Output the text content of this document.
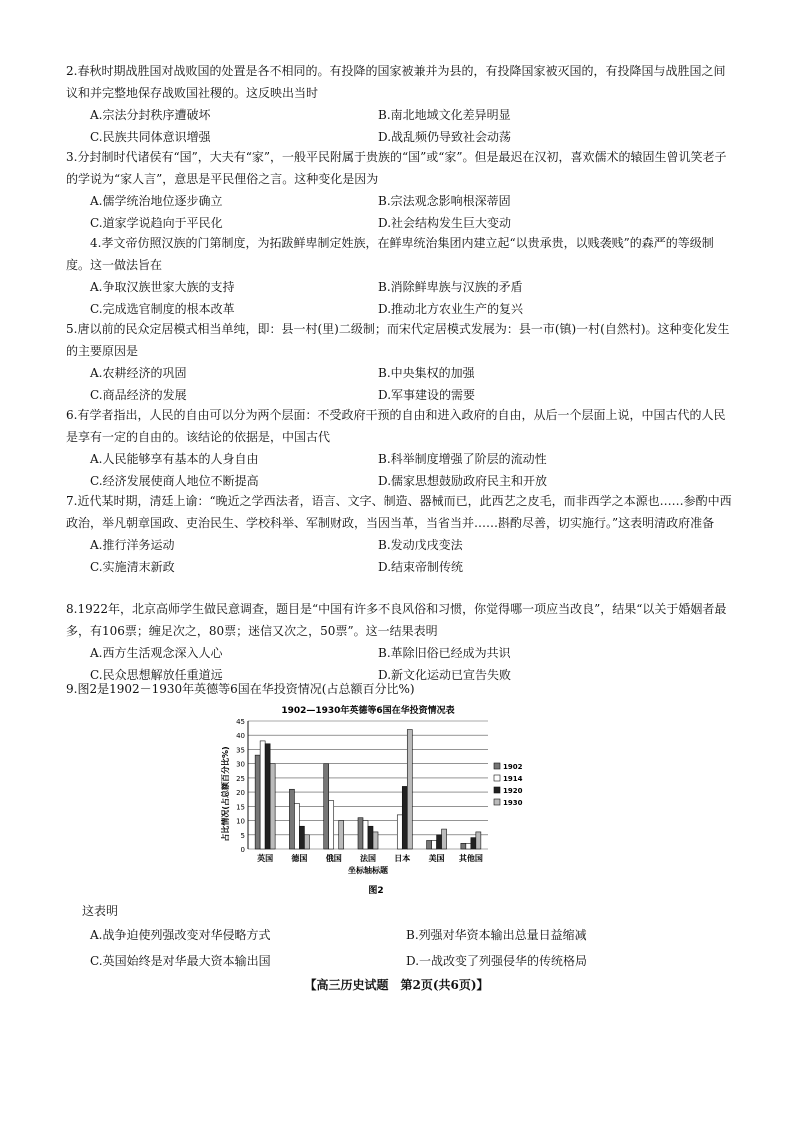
2.春秋时期战胜国对战败国的处置是各不相同的。有投降的国家被兼并为县的，有投降国家被灭国的，有投降国与战胜国之间议和并完整地保存战败国社稷的。这反映出当时
A.宗法分封秩序遭破坏	B.南北地域文化差异明显
C.民族共同体意识增强	D.战乱频仍导致社会动荡
3.分封制时代诸侯有“国”，大夫有“家”，一般平民附属于贵族的“国”或“家”。但是最迟在汉初，喜欢儒术的辕固生曾讥笑老子的学说为“家人言”，意思是平民俚俗之言。这种变化是因为
A.儒学统治地位逐步确立	B.宗法观念影响根深蒂固
C.道家学说趋向于平民化	D.社会结构发生巨大变动
4.孝文帝仿照汉族的门第制度，为拓跋鲜卑制定姓族，在鲜卑统治集团内建立起“以贵承贵，以贱袭贱”的森严的等级制度。这一做法旨在
A.争取汉族世家大族的支持	B.消除鲜卑族与汉族的矛盾
C.完成选官制度的根本改革	D.推动北方农业生产的复兴
5.唐以前的民众定居模式相当单纯，即：县一村(里)二级制；而宋代定居模式发展为：县一市(镇)一村(自然村)。这种变化发生的主要原因是
A.农耕经济的巩固	B.中央集权的加强
C.商品经济的发展	D.军事建设的需要
6.有学者指出，人民的自由可以分为两个层面：不受政府干预的自由和进入政府的自由，从后一个层面上说，中国古代的人民是享有一定的自由的。该结论的依据是，中国古代
A.人民能够享有基本的人身自由	B.科举制度增强了阶层的流动性
C.经济发展使商人地位不断提高	D.儒家思想鼓励政府民主和开放
7.近代某时期，清廷上谕：“晚近之学西法者，语言、文字、制造、器械而已，此西艺之皮毛，而非西学之本源也……参酌中西政治，举凡朝章国政、吏治民生、学校科举、军制财政，当因当革，当省当并……斟酌尽善，切实施行。”这表明清政府准备
A.推行洋务运动	B.发动戊戌变法
C.实施清末新政	D.结束帝制传统
8.1922年，北京高师学生做民意调查，题目是“中国有许多不良风俗和习惯，你觉得哪一项应当改良”，结果“以关于婚姻者最多，有106票；缠足次之，80票；迷信又次之，50票”。这一结果表明
A.西方生活观念深入人心	B.革除旧俗已经成为共识
C.民众思想解放任重道远	D.新文化运动已宣告失败
9.图2是1902－1930年英德等6国在华投资情况(占总额百分比%)
1902—1930年英德等6国在华投资情况表
占比情况(占总额百分比%)
0
5
10
15
20
25
30
35
40
45
英国 德国 俄国 法国 日本 美国 其他国
1902
1914
1920
1930
坐标轴标题
图2
这表明
A.战争迫使列强改变对华侵略方式	B.列强对华资本输出总量日益缩减
C.英国始终是对华最大资本输出国	D.一战改变了列强侵华的传统格局
【高三历史试题　第2页(共6页)】
